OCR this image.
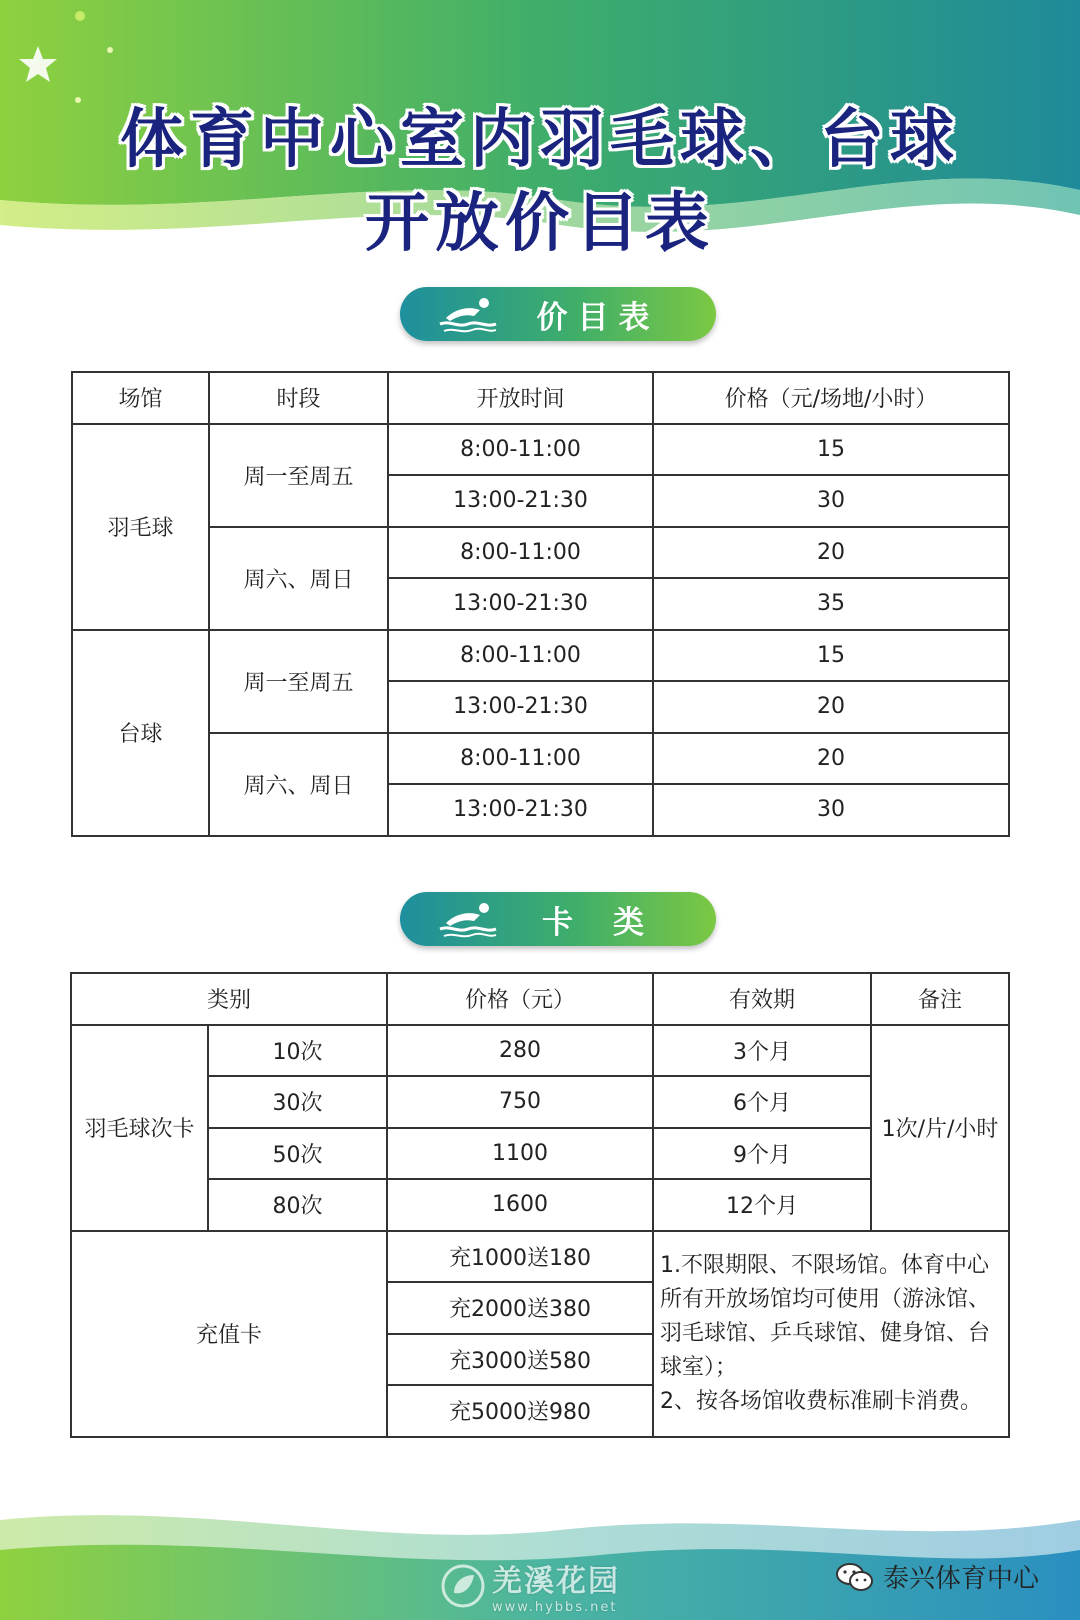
体育中心室内羽毛球、台球
开放价目表
价目表
场馆	时段	开放时间	价格（元/场地/小时）
羽毛球	周一至周五	8:00-11:00	15
		13:00-21:30	30
	周六、周日	8:00-11:00	20
		13:00-21:30	35
台球	周一至周五	8:00-11:00	15
		13:00-21:30	20
	周六、周日	8:00-11:00	20
		13:00-21:30	30
卡类
类别		价格（元）	有效期	备注
羽毛球次卡	10次	280	3个月	1次/片/小时
	30次	750	6个月	
	50次	1100	9个月	
	80次	1600	12个月	
充值卡		充1000送180	1.不限期限、不限场馆。体育中心所有开放场馆均可使用（游泳馆、羽毛球馆、乒乓球馆、健身馆、台球室）；
2、按各场馆收费标准刷卡消费。	

		充2000送380		
		充3000送580		
		充5000送980		
羌溪花园
www.hybbs.net
泰兴体育中心
